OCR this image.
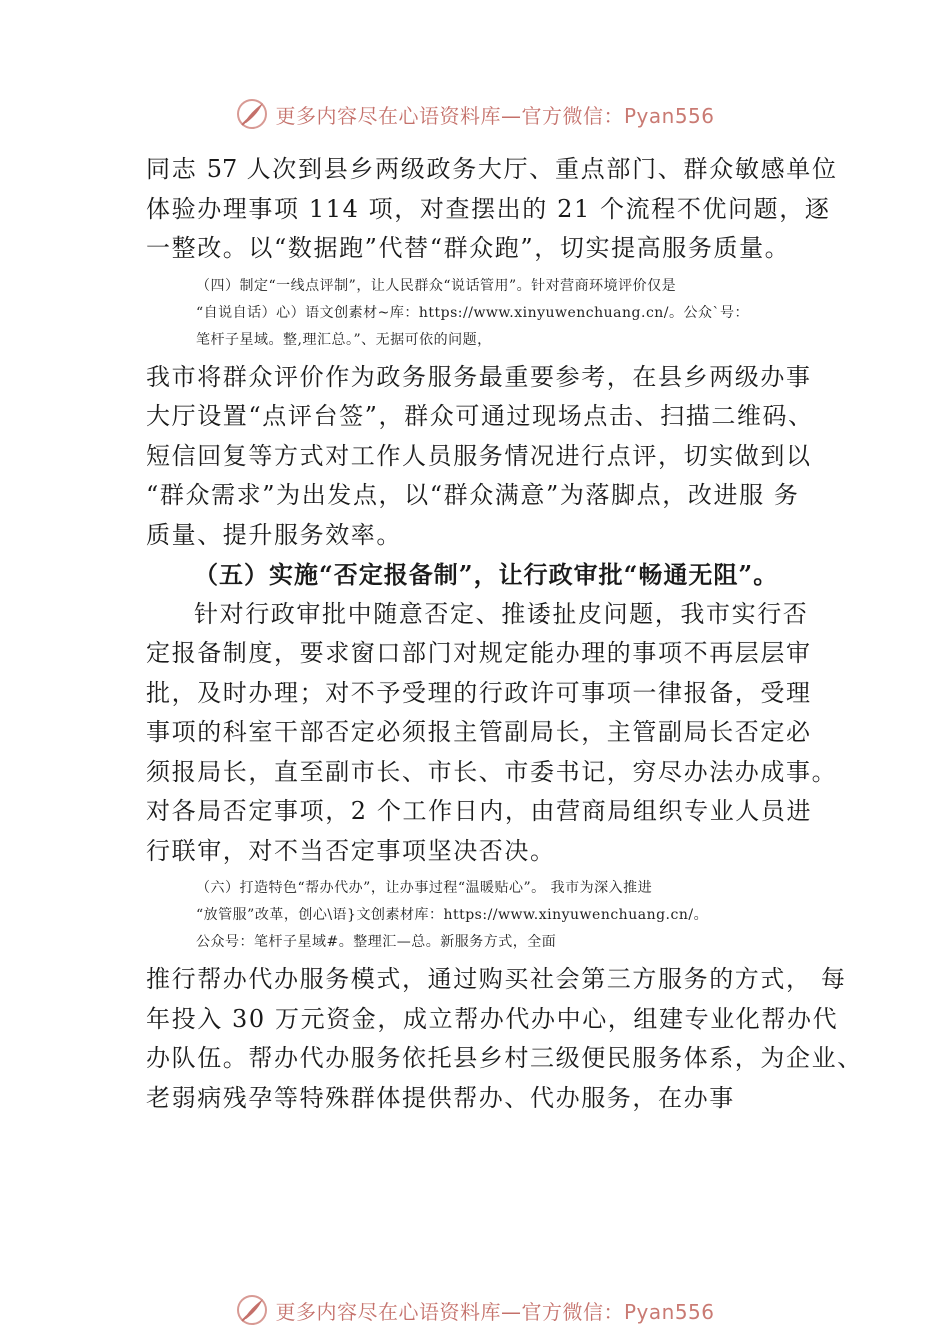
更多内容尽在心语资料库—官方微信：Pyan556
同志 57 人次到县乡两级政务大厅、重点部门、群众敏感单位
体验办理事项 114 项，对查摆出的 21 个流程不优问题，逐
一整改。以“数据跑”代替“群众跑”，切实提高服务质量。
（四）制定“一线点评制”，让人民群众“说话管用”。针对营商环境评价仅是
“自说自话）心）语文创素材~库：https://www.xinyuwenchuang.cn/。公众`号：
笔杆子星域。整,理汇总。”、无据可依的问题，
我市将群众评价作为政务服务最重要参考，在县乡两级办事
大厅设置“点评台签”，群众可通过现场点击、扫描二维码、
短信回复等方式对工作人员服务情况进行点评，切实做到以
“群众需求”为出发点，以“群众满意”为落脚点，改进服 务
质量、提升服务效率。
（五）实施“否定报备制”，让行政审批“畅通无阻”。
针对行政审批中随意否定、推诿扯皮问题，我市实行否
定报备制度，要求窗口部门对规定能办理的事项不再层层审
批，及时办理；对不予受理的行政许可事项一律报备，受理
事项的科室干部否定必须报主管副局长，主管副局长否定必
须报局长，直至副市长、市长、市委书记，穷尽办法办成事。
对各局否定事项，2 个工作日内，由营商局组织专业人员进
行联审，对不当否定事项坚决否决。
（六）打造特色“帮办代办”，让办事过程“温暖贴心”。 我市为深入推进
“放管服”改革，创心\语}文创素材库：https://www.xinyuwenchuang.cn/。
公众号：笔杆子星域#。整理汇—总。新服务方式，全面
推行帮办代办服务模式，通过购买社会第三方服务的方式， 每
年投入 30 万元资金，成立帮办代办中心，组建专业化帮办代
办队伍。帮办代办服务依托县乡村三级便民服务体系，为企业、
老弱病残孕等特殊群体提供帮办、代办服务，在办事
更多内容尽在心语资料库—官方微信：Pyan556
